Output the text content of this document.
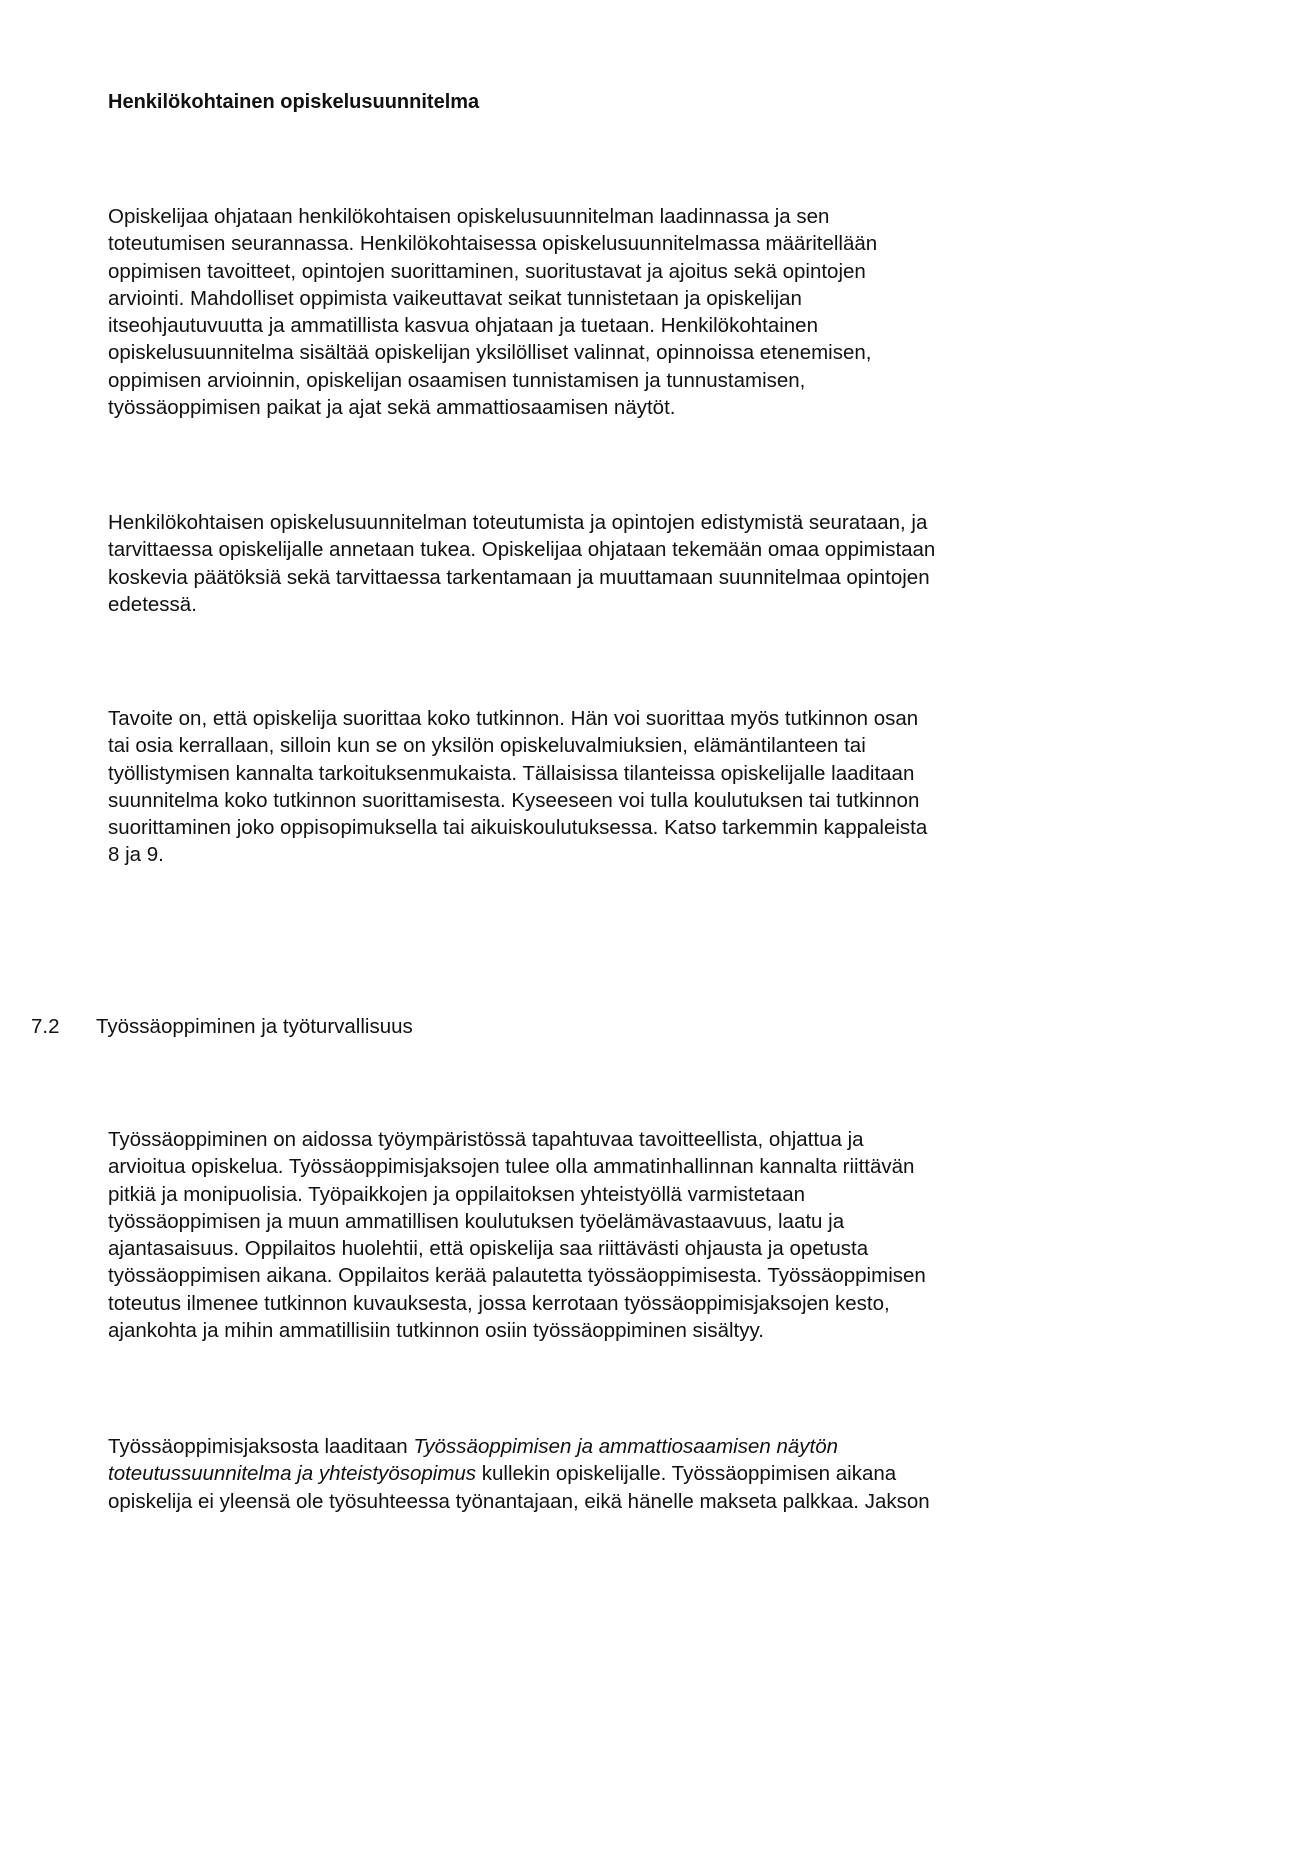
Henkilökohtainen opiskelusuunnitelma

Opiskelijaa ohjataan henkilökohtaisen opiskelusuunnitelman laadinnassa ja sen
toteutumisen seurannassa. Henkilökohtaisessa opiskelusuunnitelmassa määritellään
oppimisen tavoitteet, opintojen suorittaminen, suoritustavat ja ajoitus sekä opintojen
arviointi. Mahdolliset oppimista vaikeuttavat seikat tunnistetaan ja opiskelijan
itseohjautuvuutta ja ammatillista kasvua ohjataan ja tuetaan. Henkilökohtainen
opiskelusuunnitelma sisältää opiskelijan yksilölliset valinnat, opinnoissa etenemisen,
oppimisen arvioinnin, opiskelijan osaamisen tunnistamisen ja tunnustamisen,
työssäoppimisen paikat ja ajat sekä ammattiosaamisen näytöt.

Henkilökohtaisen opiskelusuunnitelman toteutumista ja opintojen edistymistä seurataan, ja
tarvittaessa opiskelijalle annetaan tukea. Opiskelijaa ohjataan tekemään omaa oppimistaan
koskevia päätöksiä sekä tarvittaessa tarkentamaan ja muuttamaan suunnitelmaa opintojen
edetessä.

Tavoite on, että opiskelija suorittaa koko tutkinnon. Hän voi suorittaa myös tutkinnon osan
tai osia kerrallaan, silloin kun se on yksilön opiskeluvalmiuksien, elämäntilanteen tai
työllistymisen kannalta tarkoituksenmukaista. Tällaisissa tilanteissa opiskelijalle laaditaan
suunnitelma koko tutkinnon suorittamisesta. Kyseeseen voi tulla koulutuksen tai tutkinnon
suorittaminen joko oppisopimuksella tai aikuiskoulutuksessa. Katso tarkemmin kappaleista
8 ja 9.

7.2 Työssäoppiminen ja työturvallisuus

Työssäoppiminen on aidossa työympäristössä tapahtuvaa tavoitteellista, ohjattua ja
arvioitua opiskelua. Työssäoppimisjaksojen tulee olla ammatinhallinnan kannalta riittävän
pitkiä ja monipuolisia. Työpaikkojen ja oppilaitoksen yhteistyöllä varmistetaan
työssäoppimisen ja muun ammatillisen koulutuksen työelämävastaavuus, laatu ja
ajantasaisuus. Oppilaitos huolehtii, että opiskelija saa riittävästi ohjausta ja opetusta
työssäoppimisen aikana. Oppilaitos kerää palautetta työssäoppimisesta. Työssäoppimisen
toteutus ilmenee tutkinnon kuvauksesta, jossa kerrotaan työssäoppimisjaksojen kesto,
ajankohta ja mihin ammatillisiin tutkinnon osiin työssäoppiminen sisältyy.

Työssäoppimisjaksosta laaditaan Työssäoppimisen ja ammattiosaamisen näytön
toteutussuunnitelma ja yhteistyösopimus kullekin opiskelijalle. Työssäoppimisen aikana
opiskelija ei yleensä ole työsuhteessa työnantajaan, eikä hänelle makseta palkkaa. Jakson
